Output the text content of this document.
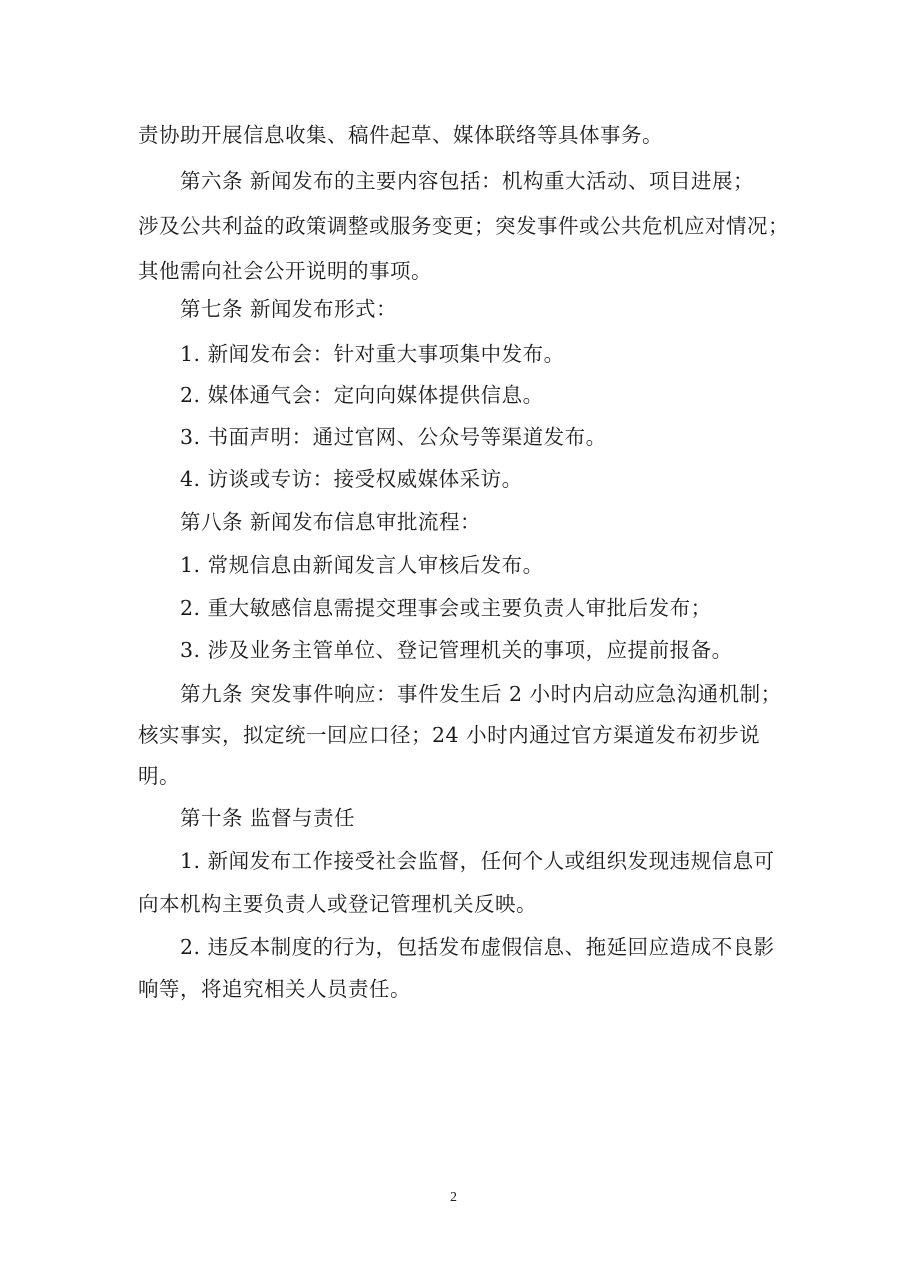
责协助开展信息收集、稿件起草、媒体联络等具体事务。
第六条 新闻发布的主要内容包括：机构重大活动、项目进展；
涉及公共利益的政策调整或服务变更；突发事件或公共危机应对情况；
其他需向社会公开说明的事项。
第七条 新闻发布形式：
1. 新闻发布会：针对重大事项集中发布。
2. 媒体通气会：定向向媒体提供信息。
3. 书面声明：通过官网、公众号等渠道发布。
4. 访谈或专访：接受权威媒体采访。
第八条 新闻发布信息审批流程：
1. 常规信息由新闻发言人审核后发布。
2. 重大敏感信息需提交理事会或主要负责人审批后发布；
3. 涉及业务主管单位、登记管理机关的事项，应提前报备。
第九条 突发事件响应：事件发生后 2 小时内启动应急沟通机制；
核实事实，拟定统一回应口径；24 小时内通过官方渠道发布初步说
明。
第十条 监督与责任
1. 新闻发布工作接受社会监督，任何个人或组织发现违规信息可
向本机构主要负责人或登记管理机关反映。
2. 违反本制度的行为，包括发布虚假信息、拖延回应造成不良影
响等，将追究相关人员责任。
2
